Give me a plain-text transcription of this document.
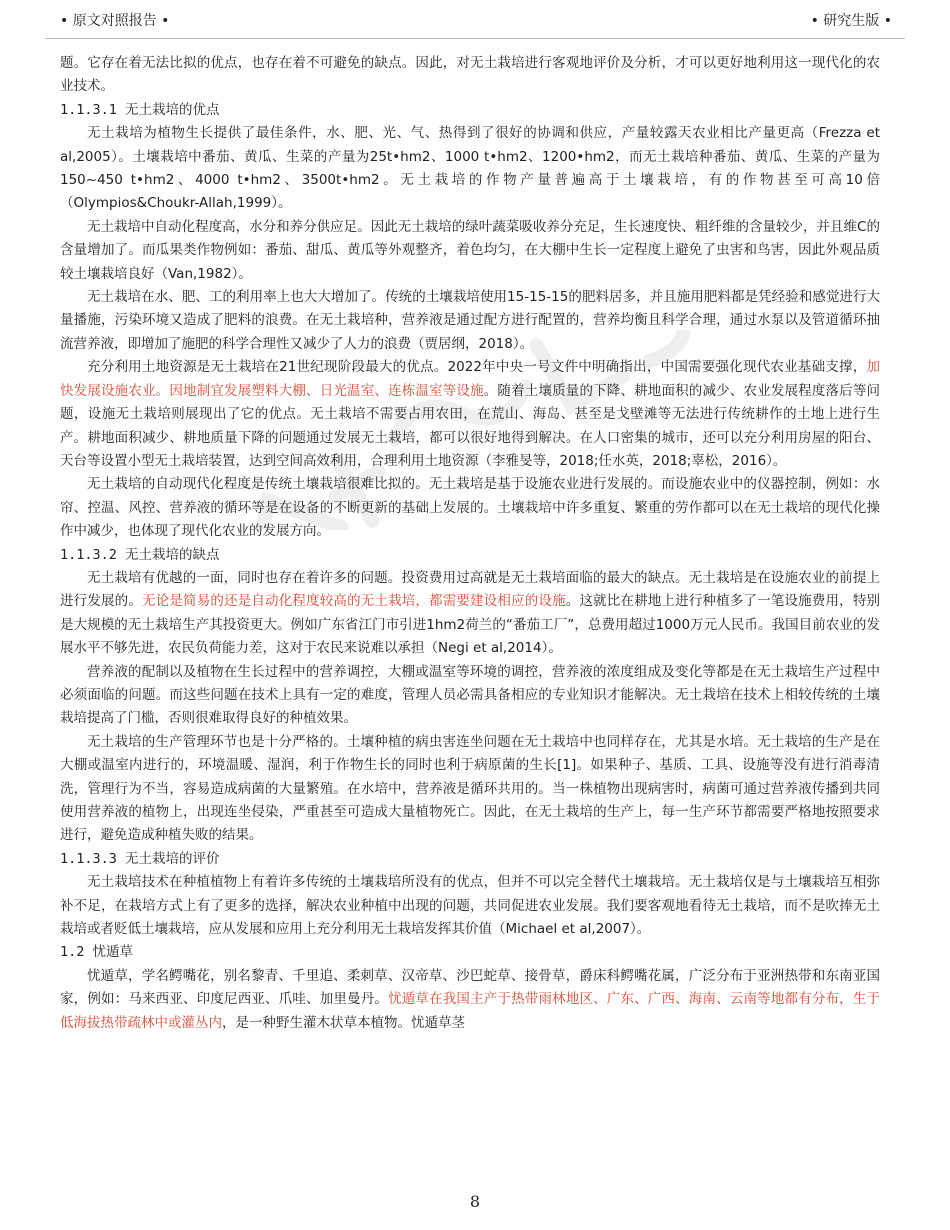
• 原文对照报告 •	• 研究生版 •

题。它存在着无法比拟的优点，也存在着不可避免的缺点。因此，对无土栽培进行客观地评价及分析，才可以更好地利用这一现代化的农业技术。

1.1.3.1 无土栽培的优点

无土栽培为植物生长提供了最佳条件，水、肥、光、气、热得到了很好的协调和供应，产量较露天农业相比产量更高（Frezza et al,2005）。土壤栽培中番茄、黄瓜、生菜的产量为25t•hm2、1000 t•hm2、1200•hm2，而无土栽培种番茄、黄瓜、生菜的产量为150~450 t•hm2、4000 t•hm2、3500t•hm2。无土栽培的作物产量普遍高于土壤栽培，有的作物甚至可高10倍（Olympios&Choukr-Allah,1999）。

无土栽培中自动化程度高，水分和养分供应足。因此无土栽培的绿叶蔬菜吸收养分充足，生长速度快、粗纤维的含量较少，并且维C的含量增加了。而瓜果类作物例如：番茄、甜瓜、黄瓜等外观整齐，着色均匀，在大棚中生长一定程度上避免了虫害和鸟害，因此外观品质较土壤栽培良好（Van,1982）。

无土栽培在水、肥、工的利用率上也大大增加了。传统的土壤栽培使用15-15-15的肥料居多，并且施用肥料都是凭经验和感觉进行大量播施，污染环境又造成了肥料的浪费。在无土栽培种，营养液是通过配方进行配置的，营养均衡且科学合理，通过水泵以及管道循环抽流营养液，即增加了施肥的科学合理性又减少了人力的浪费（贾居纲，2018）。

充分利用土地资源是无土栽培在21世纪现阶段最大的优点。2022年中央一号文件中明确指出，中国需要强化现代农业基础支撑，加快发展设施农业。因地制宜发展塑料大棚、日光温室、连栋温室等设施。随着土壤质量的下降、耕地面积的减少、农业发展程度落后等问题，设施无土栽培则展现出了它的优点。无土栽培不需要占用农田，在荒山、海岛、甚至是戈壁滩等无法进行传统耕作的土地上进行生产。耕地面积减少、耕地质量下降的问题通过发展无土栽培，都可以很好地得到解决。在人口密集的城市，还可以充分利用房屋的阳台、天台等设置小型无土栽培装置，达到空间高效利用，合理利用土地资源（李雅旻等，2018;任水英，2018;辜松，2016）。

无土栽培的自动现代化程度是传统土壤栽培很难比拟的。无土栽培是基于设施农业进行发展的。而设施农业中的仪器控制，例如：水帘、控温、风控、营养液的循环等是在设备的不断更新的基础上发展的。土壤栽培中许多重复、繁重的劳作都可以在无土栽培的现代化操作中减少，也体现了现代化农业的发展方向。

1.1.3.2 无土栽培的缺点

无土栽培有优越的一面，同时也存在着许多的问题。投资费用过高就是无土栽培面临的最大的缺点。无土栽培是在设施农业的前提上进行发展的。无论是简易的还是自动化程度较高的无土栽培，都需要建设相应的设施。这就比在耕地上进行种植多了一笔设施费用，特别是大规模的无土栽培生产其投资更大。例如广东省江门市引进1hm2荷兰的“番茄工厂”，总费用超过1000万元人民币。我国目前农业的发展水平不够先进，农民负荷能力差，这对于农民来说难以承担（Negi et al,2014）。

营养液的配制以及植物在生长过程中的营养调控，大棚或温室等环境的调控，营养液的浓度组成及变化等都是在无土栽培生产过程中必须面临的问题。而这些问题在技术上具有一定的难度，管理人员必需具备相应的专业知识才能解决。无土栽培在技术上相较传统的土壤栽培提高了门槛，否则很难取得良好的种植效果。

无土栽培的生产管理环节也是十分严格的。土壤种植的病虫害连坐问题在无土栽培中也同样存在，尤其是水培。无土栽培的生产是在大棚或温室内进行的，环境温暖、湿润，利于作物生长的同时也利于病原菌的生长[1]。如果种子、基质、工具、设施等没有进行消毒清洗，管理行为不当，容易造成病菌的大量繁殖。在水培中，营养液是循环共用的。当一株植物出现病害时，病菌可通过营养液传播到共同使用营养液的植物上，出现连坐侵染，严重甚至可造成大量植物死亡。因此，在无土栽培的生产上，每一生产环节都需要严格地按照要求进行，避免造成种植失败的结果。

1.1.3.3 无土栽培的评价

无土栽培技术在种植植物上有着许多传统的土壤栽培所没有的优点，但并不可以完全替代土壤栽培。无土栽培仅是与土壤栽培互相弥补不足，在栽培方式上有了更多的选择，解决农业种植中出现的问题，共同促进农业发展。我们要客观地看待无土栽培，而不是吹捧无土栽培或者贬低土壤栽培，应从发展和应用上充分利用无土栽培发挥其价值（Michael et al,2007）。

1.2 忧遁草

忧遁草，学名鳄嘴花，别名黎青、千里追、柔刺草、汉帝草、沙巴蛇草、接骨草，爵床科鳄嘴花属，广泛分布于亚洲热带和东南亚国家，例如：马来西亚、印度尼西亚、爪哇、加里曼丹。忧遁草在我国主产于热带雨林地区、广东、广西、海南、云南等地都有分布，生于低海拔热带疏林中或灌丛内，是一种野生灌木状草本植物。忧遁草茎

8
